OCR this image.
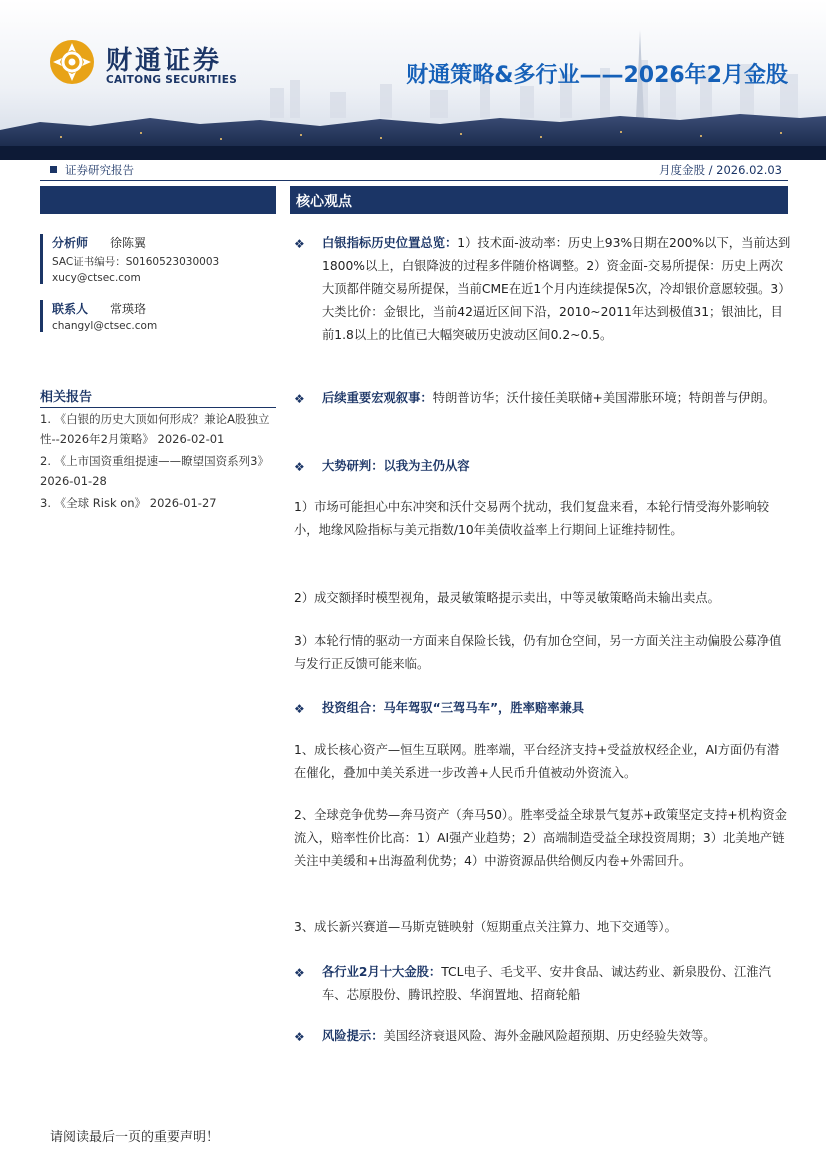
财通证券
CAITONG SECURITIES	财通策略&多行业——2026年2月金股
证券研究报告	月度金股 / 2026.02.03
核心观点
分析师 徐陈翼
SAC证书编号：S0160523030003
xucy@ctsec.com
联系人 常瑛珞
changyl@ctsec.com
相关报告

1. 《白银的历史大顶如何形成？兼论A股独立性--2026年2月策略》 2026-02-01

2. 《上市国资重组提速——瞭望国资系列3》 2026-01-28

3. 《全球 Risk on》 2026-01-27

❖ 白银指标历史位置总览：1）技术面-波动率：历史上93%日期在200%以下，当前达到1800%以上，白银降波的过程多伴随价格调整。2）资金面-交易所提保：历史上两次大顶都伴随交易所提保，当前CME在近1个月内连续提保5次，冷却银价意愿较强。3）大类比价：金银比，当前42逼近区间下沿，2010~2011年达到极值31；银油比，目前1.8以上的比值已大幅突破历史波动区间0.2~0.5。

❖ 后续重要宏观叙事：特朗普访华；沃什接任美联储+美国滞胀环境；特朗普与伊朗。

❖ 大势研判：以我为主仍从容

1）市场可能担心中东冲突和沃什交易两个扰动，我们复盘来看，本轮行情受海外影响较小，地缘风险指标与美元指数/10年美债收益率上行期间上证维持韧性。

2）成交额择时模型视角，最灵敏策略提示卖出，中等灵敏策略尚未输出卖点。

3）本轮行情的驱动一方面来自保险长钱，仍有加仓空间，另一方面关注主动偏股公募净值与发行正反馈可能来临。

❖ 投资组合：马年驾驭“三驾马车”，胜率赔率兼具

1、成长核心资产—恒生互联网。胜率端，平台经济支持+受益放权经企业，AI方面仍有潜在催化，叠加中美关系进一步改善+人民币升值被动外资流入。

2、全球竞争优势—奔马资产（奔马50）。胜率受益全球景气复苏+政策坚定支持+机构资金流入，赔率性价比高：1）AI强产业趋势；2）高端制造受益全球投资周期；3）北美地产链关注中美缓和+出海盈利优势；4）中游资源品供给侧反内卷+外需回升。

3、成长新兴赛道—马斯克链映射（短期重点关注算力、地下交通等）。

❖ 各行业2月十大金股：TCL电子、毛戈平、安井食品、诚达药业、新泉股份、江淮汽车、芯原股份、腾讯控股、华润置地、招商轮船

❖ 风险提示：美国经济衰退风险、海外金融风险超预期、历史经验失效等。

请阅读最后一页的重要声明！
